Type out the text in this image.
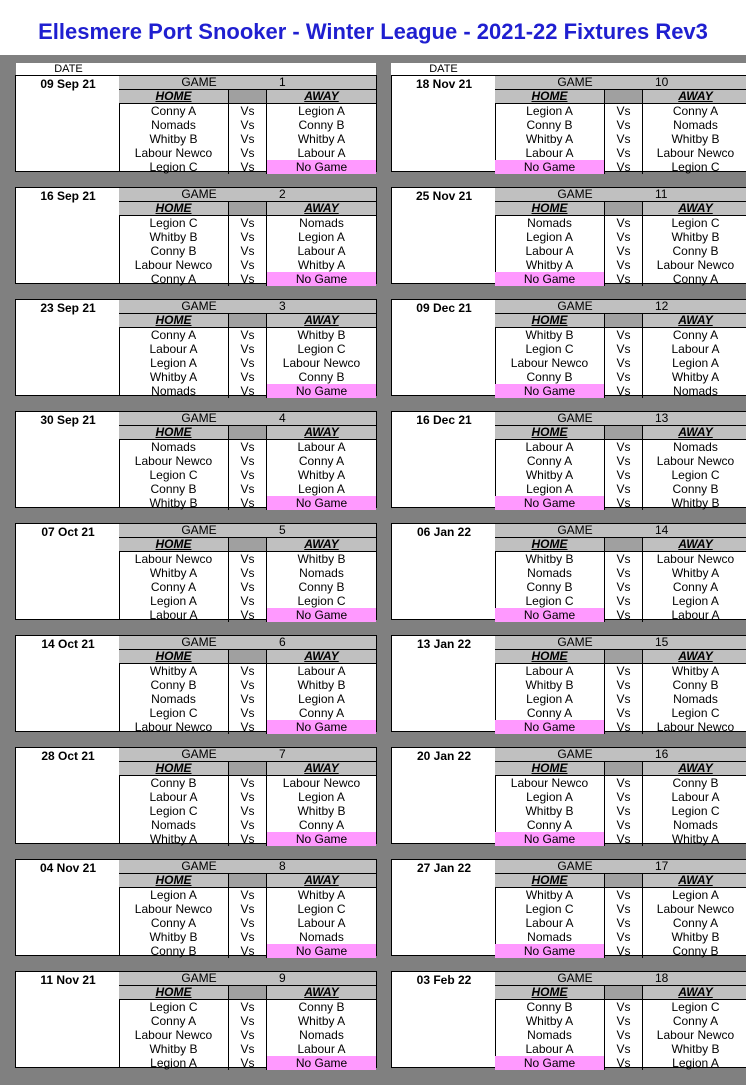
Ellesmere Port Snooker - Winter League - 2021-22 Fixtures Rev3
DATE	DATE
09 Sep 21	GAME	1
HOME	AWAY
Conny A	Vs	Legion A
Nomads	Vs	Conny B
Whitby B	Vs	Whitby A
Labour Newco	Vs	Labour A
Legion C	Vs	No Game
16 Sep 21	GAME	2
HOME	AWAY
Legion C	Vs	Nomads
Whitby B	Vs	Legion A
Conny B	Vs	Labour A
Labour Newco	Vs	Whitby A
Conny A	Vs	No Game
23 Sep 21	GAME	3
HOME	AWAY
Conny A	Vs	Whitby B
Labour A	Vs	Legion C
Legion A	Vs	Labour Newco
Whitby A	Vs	Conny B
Nomads	Vs	No Game
30 Sep 21	GAME	4
HOME	AWAY
Nomads	Vs	Labour A
Labour Newco	Vs	Conny A
Legion C	Vs	Whitby A
Conny B	Vs	Legion A
Whitby B	Vs	No Game
07 Oct 21	GAME	5
HOME	AWAY
Labour Newco	Vs	Whitby B
Whitby A	Vs	Nomads
Conny A	Vs	Conny B
Legion A	Vs	Legion C
Labour A	Vs	No Game
14 Oct 21	GAME	6
HOME	AWAY
Whitby A	Vs	Labour A
Conny B	Vs	Whitby B
Nomads	Vs	Legion A
Legion C	Vs	Conny A
Labour Newco	Vs	No Game
28 Oct 21	GAME	7
HOME	AWAY
Conny B	Vs	Labour Newco
Labour A	Vs	Legion A
Legion C	Vs	Whitby B
Nomads	Vs	Conny A
Whitby A	Vs	No Game
04 Nov 21	GAME	8
HOME	AWAY
Legion A	Vs	Whitby A
Labour Newco	Vs	Legion C
Conny A	Vs	Labour A
Whitby B	Vs	Nomads
Conny B	Vs	No Game
11 Nov 21	GAME	9
HOME	AWAY
Legion C	Vs	Conny B
Conny A	Vs	Whitby A
Labour Newco	Vs	Nomads
Whitby B	Vs	Labour A
Legion A	Vs	No Game
18 Nov 21	GAME	10
HOME	AWAY
Legion A	Vs	Conny A
Conny B	Vs	Nomads
Whitby A	Vs	Whitby B
Labour A	Vs	Labour Newco
No Game	Vs	Legion C
25 Nov 21	GAME	11
HOME	AWAY
Nomads	Vs	Legion C
Legion A	Vs	Whitby B
Labour A	Vs	Conny B
Whitby A	Vs	Labour Newco
No Game	Vs	Conny A
09 Dec 21	GAME	12
HOME	AWAY
Whitby B	Vs	Conny A
Legion C	Vs	Labour A
Labour Newco	Vs	Legion A
Conny B	Vs	Whitby A
No Game	Vs	Nomads
16 Dec 21	GAME	13
HOME	AWAY
Labour A	Vs	Nomads
Conny A	Vs	Labour Newco
Whitby A	Vs	Legion C
Legion A	Vs	Conny B
No Game	Vs	Whitby B
06 Jan 22	GAME	14
HOME	AWAY
Whitby B	Vs	Labour Newco
Nomads	Vs	Whitby A
Conny B	Vs	Conny A
Legion C	Vs	Legion A
No Game	Vs	Labour A
13 Jan 22	GAME	15
HOME	AWAY
Labour A	Vs	Whitby A
Whitby B	Vs	Conny B
Legion A	Vs	Nomads
Conny A	Vs	Legion C
No Game	Vs	Labour Newco
20 Jan 22	GAME	16
HOME	AWAY
Labour Newco	Vs	Conny B
Legion A	Vs	Labour A
Whitby B	Vs	Legion C
Conny A	Vs	Nomads
No Game	Vs	Whitby A
27 Jan 22	GAME	17
HOME	AWAY
Whitby A	Vs	Legion A
Legion C	Vs	Labour Newco
Labour A	Vs	Conny A
Nomads	Vs	Whitby B
No Game	Vs	Conny B
03 Feb 22	GAME	18
HOME	AWAY
Conny B	Vs	Legion C
Whitby A	Vs	Conny A
Nomads	Vs	Labour Newco
Labour A	Vs	Whitby B
No Game	Vs	Legion A
